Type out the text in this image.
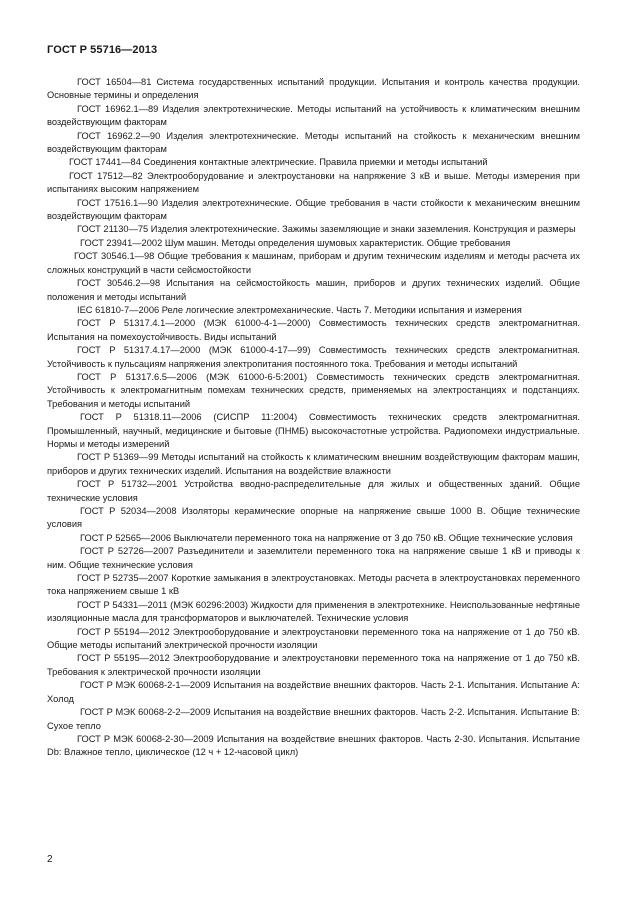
ГОСТ Р 55716—2013

ГОСТ 16504—81 Система государственных испытаний продукции. Испытания и контроль качества продукции. Основные термины и определения

ГОСТ 16962.1—89 Изделия электротехнические. Методы испытаний на устойчивость к климатическим внешним воздействующим факторам

ГОСТ 16962.2—90 Изделия электротехнические. Методы испытаний на стойкость к механическим внешним воздействующим факторам

ГОСТ 17441—84 Соединения контактные электрические. Правила приемки и методы испытаний

ГОСТ 17512—82 Электрооборудование и электроустановки на напряжение 3 кВ и выше. Методы измерения при испытаниях высоким напряжением

ГОСТ 17516.1—90 Изделия электротехнические. Общие требования в части стойкости к механическим внешним воздействующим факторам

ГОСТ 21130—75 Изделия электротехнические. Зажимы заземляющие и знаки заземления. Конструкция и размеры

ГОСТ 23941—2002 Шум машин. Методы определения шумовых характеристик. Общие требования

ГОСТ 30546.1—98 Общие требования к машинам, приборам и другим техническим изделиям и методы расчета их сложных конструкций в части сейсмостойкости

ГОСТ 30546.2—98 Испытания на сейсмостойкость машин, приборов и других технических изделий. Общие положения и методы испытаний

IEC 61810-7—2006 Реле логические электромеханические. Часть 7. Методики испытания и измерения

ГОСТ Р 51317.4.1—2000 (МЭК 61000-4-1—2000) Совместимость технических средств электромагнитная. Испытания на помехоустойчивость. Виды испытаний

ГОСТ Р 51317.4.17—2000 (МЭК 61000-4-17—99) Совместимость технических средств электромагнитная. Устойчивость к пульсациям напряжения электропитания постоянного тока. Требования и методы испытаний

ГОСТ Р 51317.6.5—2006 (МЭК 61000-6-5:2001) Совместимость технических средств электромагнитная. Устойчивость к электромагнитным помехам технических средств, применяемых на электростанциях и подстанциях. Требования и методы испытаний

ГОСТ Р 51318.11—2006 (СИСПР 11:2004) Совместимость технических средств электромагнитная. Промышленный, научный, медицинские и бытовые (ПНМБ) высокочастотные устройства. Радиопомехи индустриальные. Нормы и методы измерений

ГОСТ Р 51369—99 Методы испытаний на стойкость к климатическим внешним воздействующим факторам машин, приборов и других технических изделий. Испытания на воздействие влажности

ГОСТ Р 51732—2001 Устройства вводно-распределительные для жилых и общественных зданий. Общие технические условия

ГОСТ Р 52034—2008 Изоляторы керамические опорные на напряжение свыше 1000 В. Общие технические условия

ГОСТ Р 52565—2006 Выключатели переменного тока на напряжение от 3 до 750 кВ. Общие технические условия

ГОСТ Р 52726—2007 Разъединители и заземлители переменного тока на напряжение свыше 1 кВ и приводы к ним. Общие технические условия

ГОСТ Р 52735—2007 Короткие замыкания в электроустановках. Методы расчета в электроустановках переменного тока напряжением свыше 1 кВ

ГОСТ Р 54331—2011 (МЭК 60296:2003) Жидкости для применения в электротехнике. Неиспользованные нефтяные изоляционные масла для трансформаторов и выключателей. Технические условия

ГОСТ Р 55194—2012 Электрооборудование и электроустановки переменного тока на напряжение от 1 до 750 кВ. Общие методы испытаний электрической прочности изоляции

ГОСТ Р 55195—2012 Электрооборудование и электроустановки переменного тока на напряжение от 1 до 750 кВ. Требования к электрической прочности изоляции

ГОСТ Р МЭК 60068-2-1—2009 Испытания на воздействие внешних факторов. Часть 2-1. Испытания. Испытание А: Холод

ГОСТ Р МЭК 60068-2-2—2009 Испытания на воздействие внешних факторов. Часть 2-2. Испытания. Испытание В: Сухое тепло

ГОСТ Р МЭК 60068-2-30—2009 Испытания на воздействие внешних факторов. Часть 2-30. Испытания. Испытание Db: Влажное тепло, циклическое (12 ч + 12-часовой цикл)

2
